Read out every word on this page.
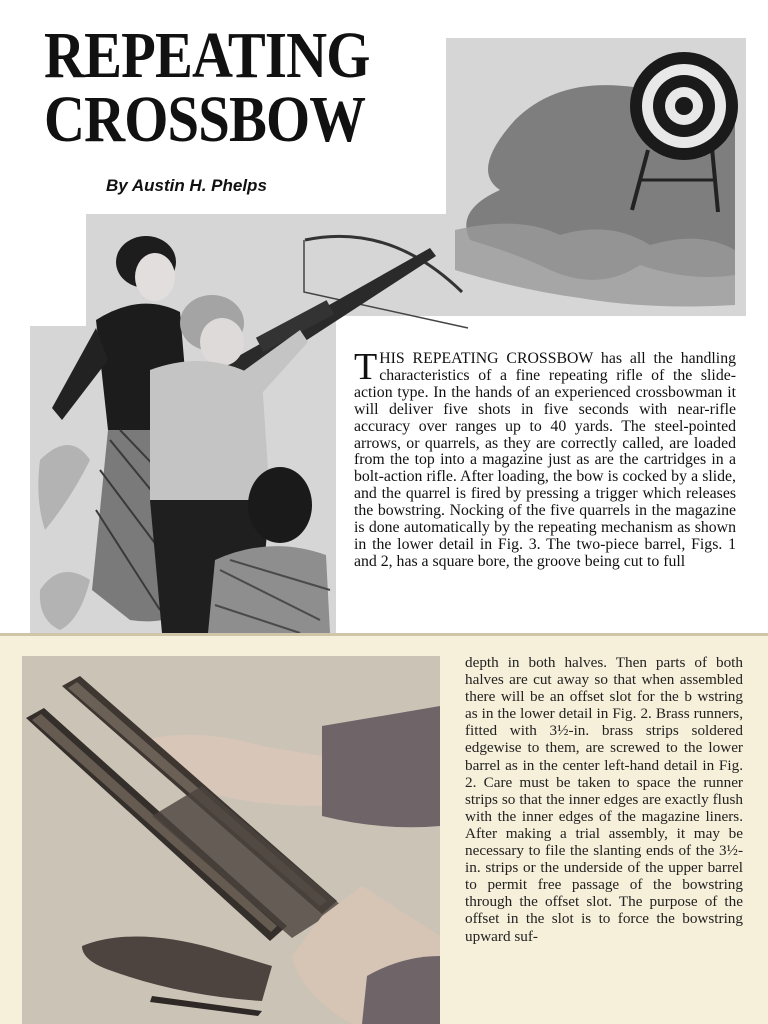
REPEATING CROSSBOW
By Austin H. Phelps
THIS REPEATING CROSSBOW has all the handling characteristics of a fine repeating rifle of the slide-action type. In the hands of an experienced crossbowman it will deliver five shots in five seconds with near-rifle accuracy over ranges up to 40 yards. The steel-pointed arrows, or quarrels, as they are correctly called, are loaded from the top into a magazine just as are the cartridges in a bolt-action rifle. After loading, the bow is cocked by a slide, and the quarrel is fired by pressing a trigger which releases the bowstring. Nocking of the five quarrels in the magazine is done automatically by the repeating mechanism as shown in the lower detail in Fig. 3. The two-piece barrel, Figs. 1 and 2, has a square bore, the groove being cut to full
depth in both halves. Then parts of both halves are cut away so that when assembled there will be an offset slot for the b wstring as in the lower detail in Fig. 2. Brass runners, fitted with 3½-in. brass strips soldered edgewise to them, are screwed to the lower barrel as in the center left-hand detail in Fig. 2. Care must be taken to space the runner strips so that the inner edges are exactly flush with the inner edges of the magazine liners. After making a trial assembly, it may be necessary to file the slanting ends of the 3½-in. strips or the underside of the upper barrel to permit free passage of the bowstring through the offset slot. The purpose of the offset in the slot is to force the bowstring upward suf-
